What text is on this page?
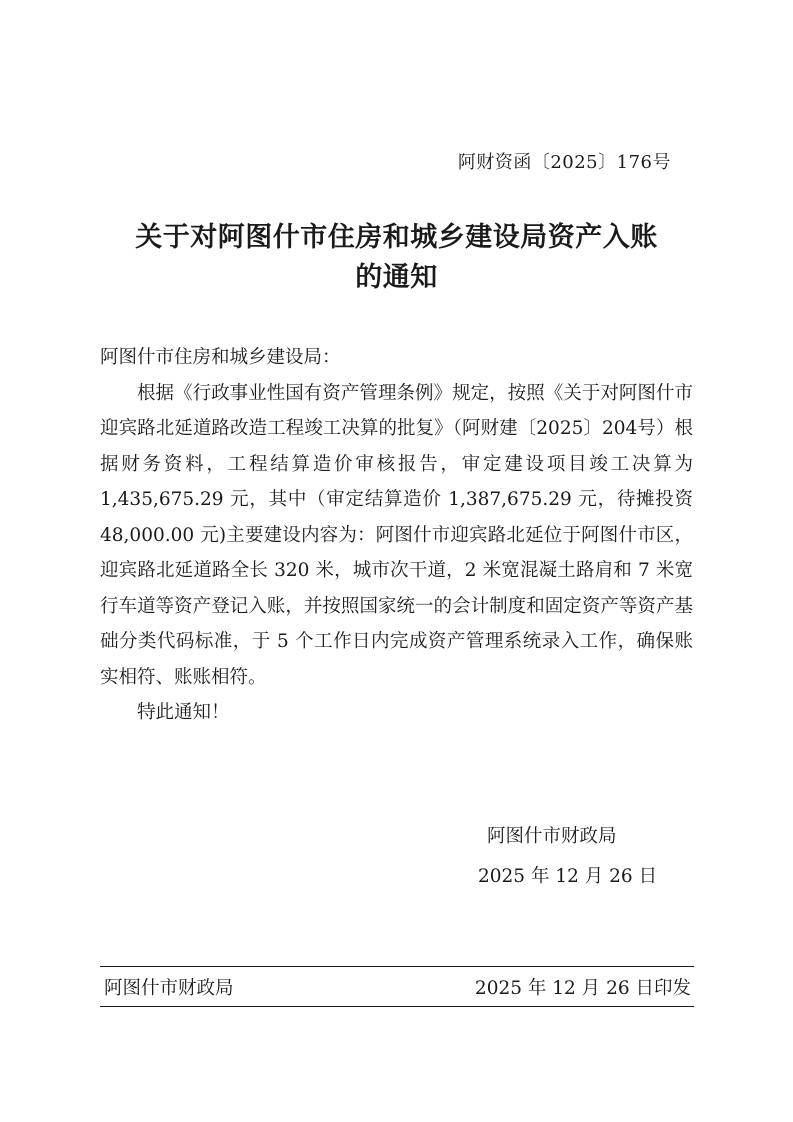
阿财资函〔2025〕176号
关于对阿图什市住房和城乡建设局资产入账
的通知

阿图什市住房和城乡建设局：

根据《行政事业性国有资产管理条例》规定，按照《关于对阿图什市迎宾路北延道路改造工程竣工决算的批复》（阿财建〔2025〕204号）根据财务资料，工程结算造价审核报告，审定建设项目竣工决算为 1,435,675.29 元，其中（审定结算造价 1,387,675.29 元，待摊投资 48,000.00 元)主要建设内容为：阿图什市迎宾路北延位于阿图什市区，迎宾路北延道路全长 320 米，城市次干道，2 米宽混凝土路肩和 7 米宽行车道等资产登记入账，并按照国家统一的会计制度和固定资产等资产基础分类代码标准，于 5 个工作日内完成资产管理系统录入工作，确保账实相符、账账相符。

特此通知！

阿图什市财政局
2025 年 12 月 26 日
阿图什市财政局	2025 年 12 月 26 日印发
